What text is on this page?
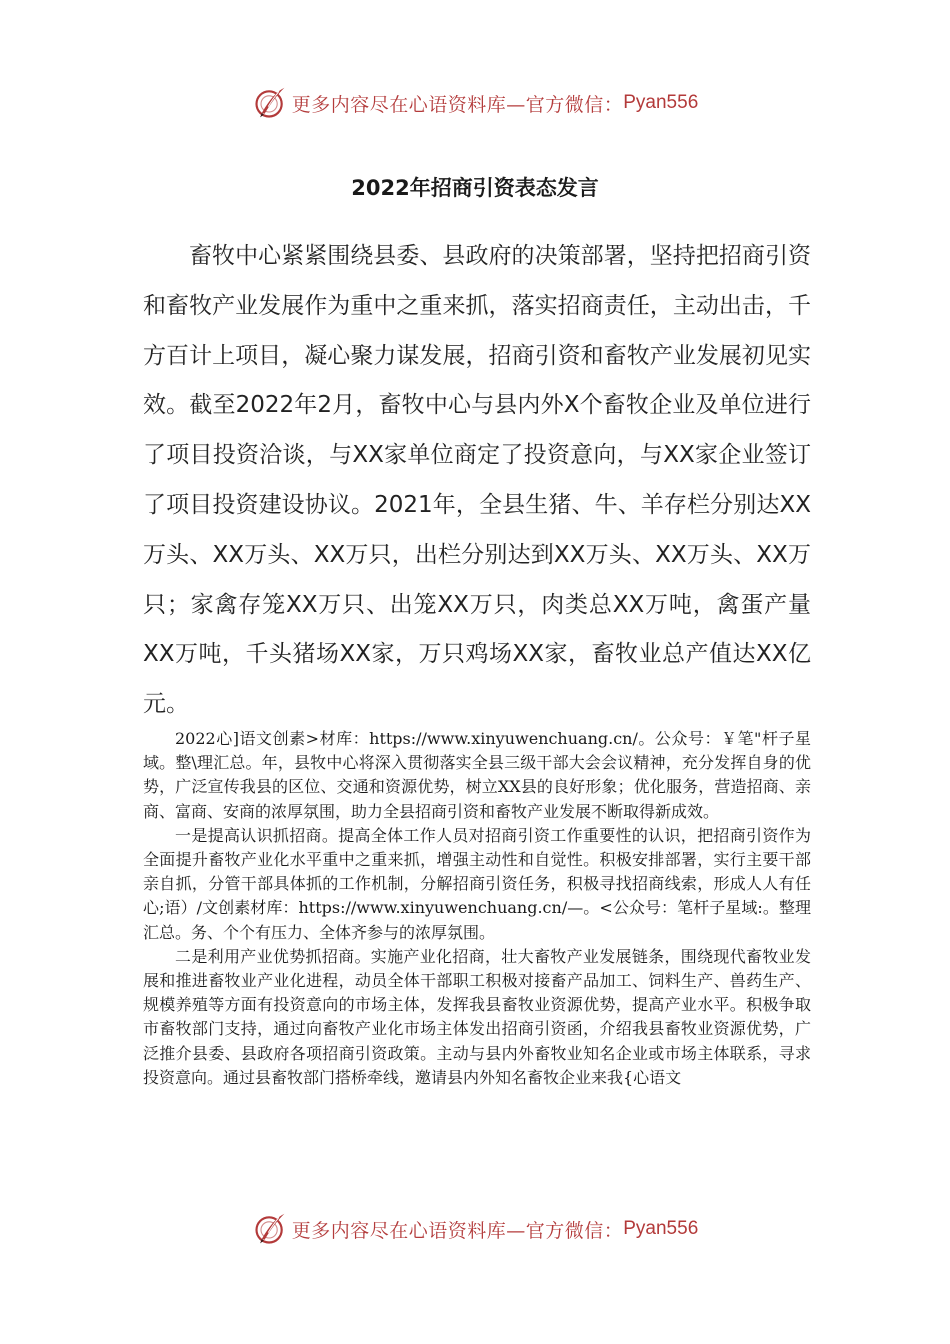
更多内容尽在心语资料库—官方微信： Pyan556
2022年招商引资表态发言

畜牧中心紧紧围绕县委、县政府的决策部署，坚持把招商引资和畜牧产业发展作为重中之重来抓，落实招商责任，主动出击，千方百计上项目，凝心聚力谋发展，招商引资和畜牧产业发展初见实效。截至2022年2月，畜牧中心与县内外X个畜牧企业及单位进行了项目投资洽谈，与XX家单位商定了投资意向，与XX家企业签订了项目投资建设协议。2021年，全县生猪、牛、羊存栏分别达XX万头、XX万头、XX万只，出栏分别达到XX万头、XX万头、XX万只；家禽存笼XX万只、出笼XX万只，肉类总XX万吨，禽蛋产量XX万吨，千头猪场XX家，万只鸡场XX家，畜牧业总产值达XX亿元。

2022心]语文创素>材库：https://www.xinyuwenchuang.cn/。公众号：￥笔"杆子星域。整\理汇总。年，县牧中心将深入贯彻落实全县三级干部大会会议精神，充分发挥自身的优势，广泛宣传我县的区位、交通和资源优势，树立XX县的良好形象；优化服务，营造招商、亲商、富商、安商的浓厚氛围，助力全县招商引资和畜牧产业发展不断取得新成效。

一是提高认识抓招商。提高全体工作人员对招商引资工作重要性的认识，把招商引资作为全面提升畜牧产业化水平重中之重来抓，增强主动性和自觉性。积极安排部署，实行主要干部亲自抓，分管干部具体抓的工作机制，分解招商引资任务，积极寻找招商线索，形成人人有任心;语）/文创素材库：https://www.xinyuwenchuang.cn/—。<公众号：笔杆子星域:。整理汇总。务、个个有压力、全体齐参与的浓厚氛围。

二是利用产业优势抓招商。实施产业化招商，壮大畜牧产业发展链条，围绕现代畜牧业发展和推进畜牧业产业化进程，动员全体干部职工积极对接畜产品加工、饲料生产、兽药生产、规模养殖等方面有投资意向的市场主体，发挥我县畜牧业资源优势，提高产业水平。积极争取市畜牧部门支持，通过向畜牧产业化市场主体发出招商引资函，介绍我县畜牧业资源优势，广泛推介县委、县政府各项招商引资政策。主动与县内外畜牧业知名企业或市场主体联系，寻求投资意向。通过县畜牧部门搭桥牵线，邀请县内外知名畜牧企业来我{心语文

更多内容尽在心语资料库—官方微信： Pyan556
